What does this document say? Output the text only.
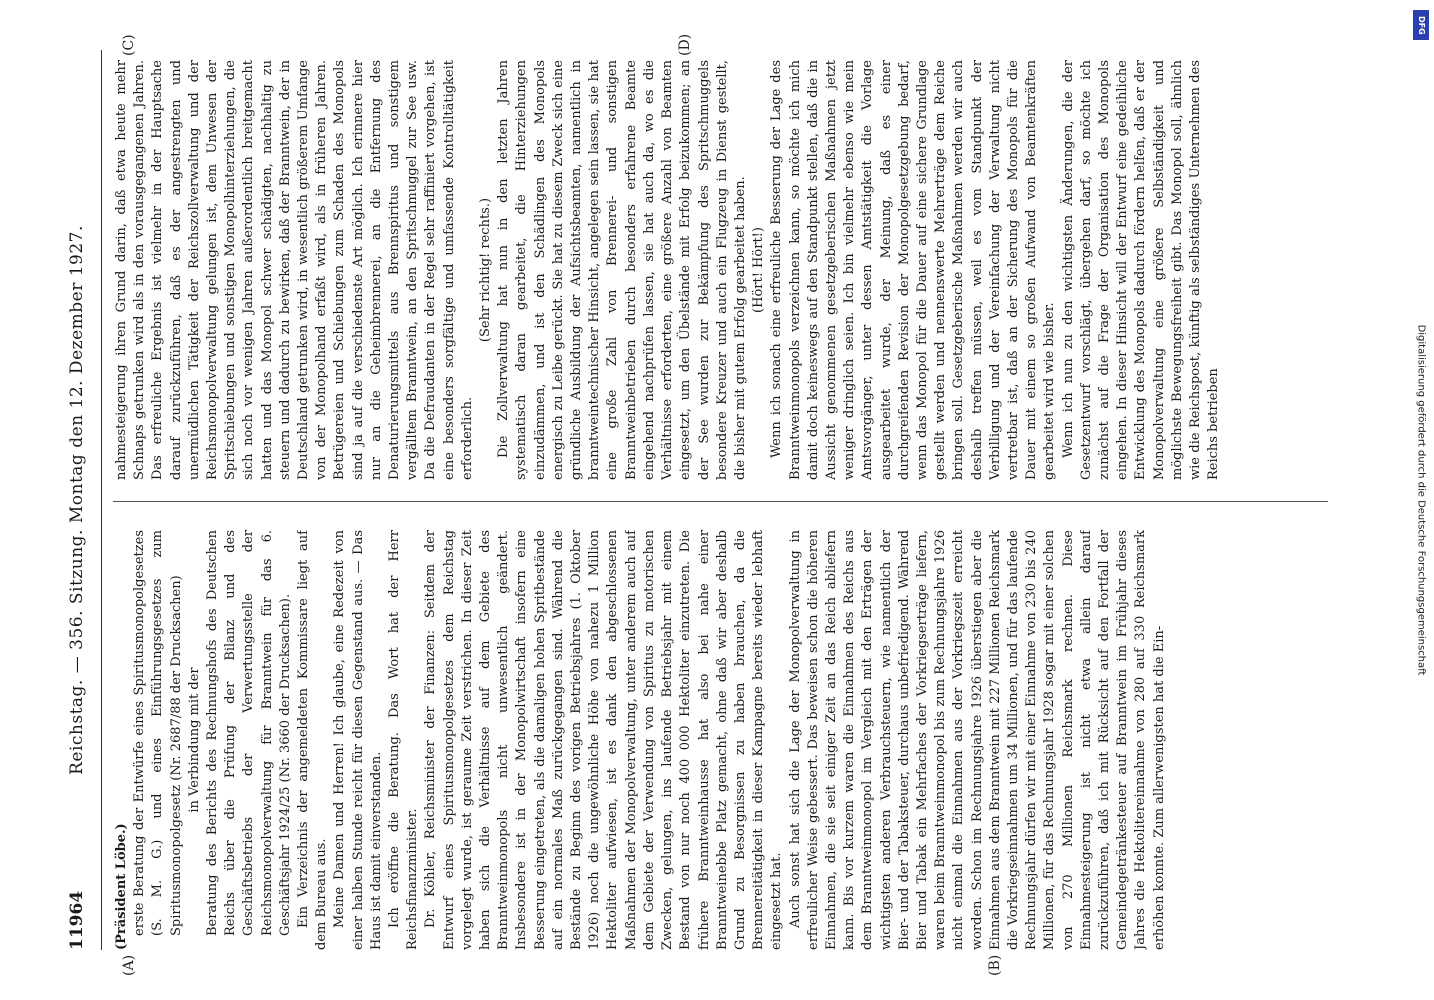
11964
Reichstag. — 356. Sitzung. Montag den 12. Dezember 1927.

(Präsident Löbe.) erste Beratung der Entwürfe eines Spiritusmonopolgesetzes (S. M. G.) und eines Einführungsgesetzes zum Spiritusmonopolgesetz (Nr. 2687/88 der Drucksachen) in Verbindung mit der Beratung des Berichts des Rechnungshofs des Deutschen Reichs über die Prüfung der Bilanz und des Geschäftsbetriebs der Verwertungsstelle der Reichsmonopolverwaltung für Branntwein für das 6. Geschäftsjahr 1924/25 (Nr. 3660 der Drucksachen). Ein Verzeichnis der angemeldeten Kommissare liegt auf dem Bureau aus. Meine Damen und Herren! Ich glaube, eine Redezeit von einer halben Stunde reicht für diesen Gegenstand aus. — Das Haus ist damit einverstanden. Ich eröffne die Beratung. Das Wort hat der Herr Reichsfinanzminister. Dr. Köhler, Reichsminister der Finanzen: Seitdem der Entwurf eines Spiritusmonopolgesetzes dem Reichstag vorgelegt wurde, ist geraume Zeit verstrichen. In dieser Zeit haben sich die Verhältnisse auf dem Gebiete des Branntweinmonopols nicht unwesentlich geändert. Insbesondere ist in der Monopolwirtschaft insofern eine Besserung eingetreten, als die damaligen hohen Spritbestände auf ein normales Maß zurückgegangen sind. Während die Bestände zu Beginn des vorigen Betriebsjahres (1. Oktober 1926) noch die ungewöhnliche Höhe von nahezu 1 Million Hektoliter aufwiesen, ist es dank den abgeschlossenen Maßnahmen der Monopolverwaltung, unter anderem auch auf dem Gebiete der Verwendung von Spiritus zu motorischen Zwecken, gelungen, ins laufende Betriebsjahr mit einem Bestand von nur noch 400 000 Hektoliter einzutreten. Die frühere Branntweinhausse hat also bei nahe einer Branntweinebbe Platz gemacht, ohne daß wir aber deshalb Grund zu Besorgnissen zu haben brauchen, da die Brennereitätigkeit in dieser Kampagne bereits wieder lebhaft eingesetzt hat. Auch sonst hat sich die Lage der Monopolverwaltung in erfreulicher Weise gebessert. Das beweisen schon die höheren Einnahmen, die sie seit einiger Zeit an das Reich abliefern kann. Bis vor kurzem waren die Einnahmen des Reichs aus dem Branntweinmonopol im Vergleich mit den Erträgen der wichtigsten anderen Verbrauchsteuern, wie namentlich der Bier- und der Tabaksteuer, durchaus unbefriedigend. Während Bier und Tabak ein Mehrfaches der Vorkriegserträge liefern, waren beim Branntweinmonopol bis zum Rechnungsjahre 1926 nicht einmal die Einnahmen aus der Vorkriegszeit erreicht worden. Schon im Rechnungsjahre 1926 überstiegen aber die Einnahmen aus dem Branntwein mit 227 Millionen Reichsmark die Vorkriegseinnahmen um 34 Millionen, und für das laufende Rechnungsjahr dürfen wir mit einer Einnahme von 230 bis 240 Millionen, für das Rechnungsjahr 1928 sogar mit einer solchen von 270 Millionen Reichsmark rechnen. Diese Einnahmesteigerung ist nicht etwa allein darauf zurückzuführen, daß ich mit Rücksicht auf den Fortfall der Gemeindegetränkesteuer auf Branntwein im Frühjahr dieses Jahres die Hektolitereinnahme von 280 auf 330 Reichsmark erhöhen konnte. Zum allerwenigsten hat die Ein-

nahmesteigerung ihren Grund darin, daß etwa heute mehr Schnaps getrunken wird als in den vorausgegangenen Jahren. Das erfreuliche Ergebnis ist vielmehr in der Hauptsache darauf zurückzuführen, daß es der angestrengten und unermüdlichen Tätigkeit der Reichszollverwaltung und der Reichsmonopolverwaltung gelungen ist, dem Unwesen der Spritschiebungen und sonstigen Monopolhinterziehungen, die sich noch vor wenigen Jahren außerordentlich breitgemacht hatten und das Monopol schwer schädigten, nachhaltig zu steuern und dadurch zu bewirken, daß der Branntwein, der in Deutschland getrunken wird, in wesentlich größerem Umfange von der Monopolhand erfaßt wird, als in früheren Jahren. Betrügereien und Schiebungen zum Schaden des Monopols sind ja auf die verschiedenste Art möglich. Ich erinnere hier nur an die Geheimbrennerei, an die Entfernung des Denaturierungsmittels aus Brennspiritus und sonstigem vergälltem Branntwein, an den Spritschmuggel zur See usw. Da die Defraudanten in der Regel sehr raffiniert vorgehen, ist eine besonders sorgfältige und umfassende Kontrolltätigkeit erforderlich.

(Sehr richtig! rechts.) Die Zollverwaltung hat nun in den letzten Jahren systematisch daran gearbeitet, die Hinterziehungen einzudämmen, und ist den Schädlingen des Monopols energisch zu Leibe gerückt. Sie hat zu diesem Zweck sich eine gründliche Ausbildung der Aufsichtsbeamten, namentlich in branntweintechnischer Hinsicht, angelegen sein lassen, sie hat eine große Zahl von Brennerei- und sonstigen Branntweinbetrieben durch besonders erfahrene Beamte eingehend nachprüfen lassen, sie hat auch da, wo es die Verhältnisse erforderten, eine größere Anzahl von Beamten eingesetzt, um den Übelstände mit Erfolg beizukommen; an der See wurden zur Bekämpfung des Spritschmuggels besondere Kreuzer und auch ein Flugzeug in Dienst gestellt, die bisher mit gutem Erfolg gearbeitet haben. (Hört! Hört!) Wenn ich sonach eine erfreuliche Besserung der Lage des Branntweinmonopols verzeichnen kann, so möchte ich mich damit doch keineswegs auf den Standpunkt stellen, daß die in Aussicht genommenen gesetzgeberischen Maßnahmen jetzt weniger dringlich seien. Ich bin vielmehr ebenso wie mein Amtsvorgänger, unter dessen Amtstätigkeit die Vorlage ausgearbeitet wurde, der Meinung, daß es einer durchgreifenden Revision der Monopolgesetzgebung bedarf, wenn das Monopol für die Dauer auf eine sichere Grundlage gestellt werden und nennenswerte Mehrerträge dem Reiche bringen soll. Gesetzgeberische Maßnahmen werden wir auch deshalb treffen müssen, weil es vom Standpunkt der Verbilligung und der Vereinfachung der Verwaltung nicht vertretbar ist, daß an der Sicherung des Monopols für die Dauer mit einem so großen Aufwand von Beamtenkräften gearbeitet wird wie bisher. Wenn ich nun zu den wichtigsten Änderungen, die der Gesetzentwurf vorschlägt, übergehen darf, so möchte ich zunächst auf die Frage der Organisation des Monopols eingehen. In dieser Hinsicht will der Entwurf eine gedeihliche Entwicklung des Monopols dadurch fördern helfen, daß er der Monopolverwaltung eine größere Selbständigkeit und möglichste Bewegungsfreiheit gibt. Das Monopol soll, ähnlich wie die Reichspost, künftig als selbständiges Unternehmen des Reichs betrieben

(A)	(B)
(C)	(D)
DFG
Digitalisierung gefördert durch die Deutsche Forschungsgemeinschaft
